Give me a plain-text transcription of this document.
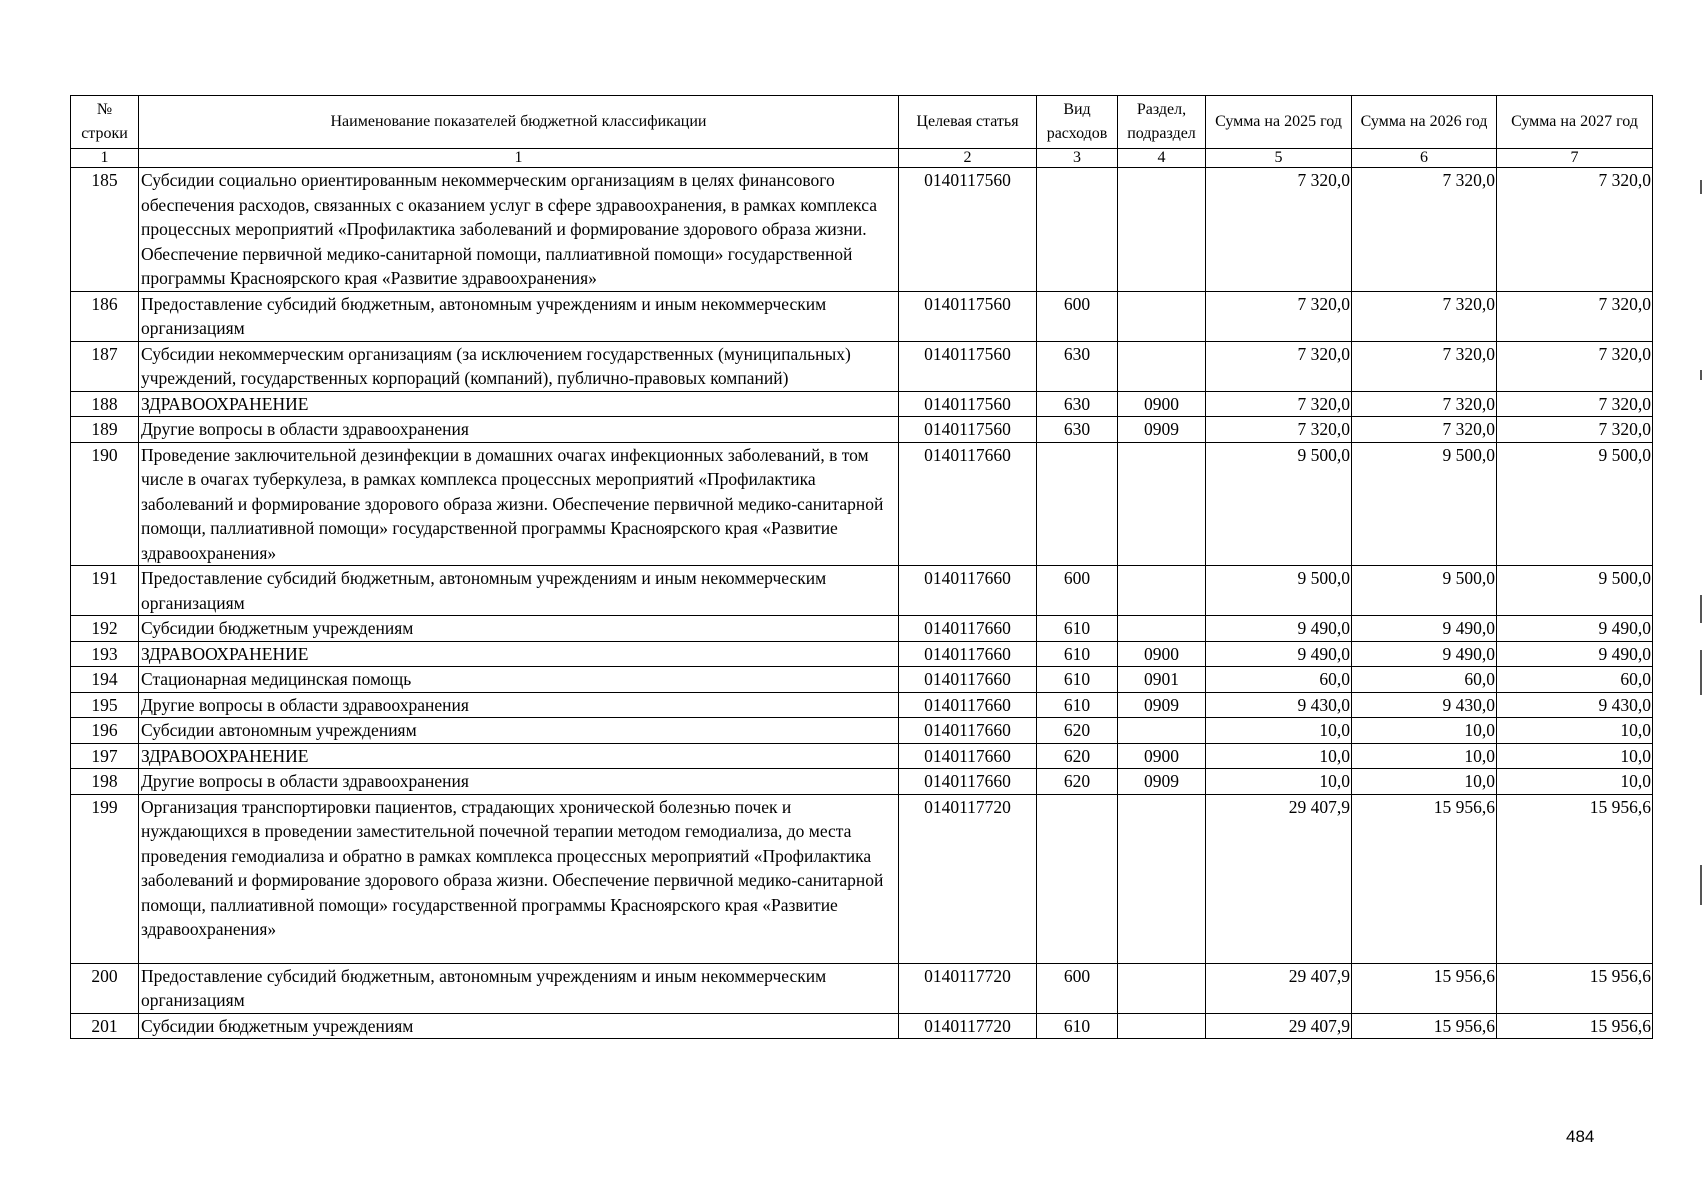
№ строки	Наименование показателей бюджетной классификации	Целевая статья	Вид расходов	Раздел, подраздел	Сумма на 2025 год	Сумма на 2026 год	Сумма на 2027 год
1	1	2	3	4	5	6	7
185	Субсидии социально ориентированным некоммерческим организациям в целях финансового обеспечения расходов, связанных с оказанием услуг в сфере здравоохранения, в рамках комплекса процессных мероприятий «Профилактика заболеваний и формирование здорового образа жизни. Обеспечение первичной медико-санитарной помощи, паллиативной помощи» государственной программы Красноярского края «Развитие здравоохранения»	0140117560			7 320,0	7 320,0	7 320,0
186	Предоставление субсидий бюджетным, автономным учреждениям и иным некоммерческим организациям	0140117560	600		7 320,0	7 320,0	7 320,0
187	Субсидии некоммерческим организациям (за исключением государственных (муниципальных) учреждений, государственных корпораций (компаний), публично-правовых компаний)	0140117560	630		7 320,0	7 320,0	7 320,0
188	ЗДРАВООХРАНЕНИЕ	0140117560	630	0900	7 320,0	7 320,0	7 320,0
189	Другие вопросы в области здравоохранения	0140117560	630	0909	7 320,0	7 320,0	7 320,0
190	Проведение заключительной дезинфекции в домашних очагах инфекционных заболеваний, в том числе в очагах туберкулеза, в рамках комплекса процессных мероприятий «Профилактика заболеваний и формирование здорового образа жизни. Обеспечение первичной медико-санитарной помощи, паллиативной помощи» государственной программы Красноярского края «Развитие здравоохранения»	0140117660			9 500,0	9 500,0	9 500,0
191	Предоставление субсидий бюджетным, автономным учреждениям и иным некоммерческим организациям	0140117660	600		9 500,0	9 500,0	9 500,0
192	Субсидии бюджетным учреждениям	0140117660	610		9 490,0	9 490,0	9 490,0
193	ЗДРАВООХРАНЕНИЕ	0140117660	610	0900	9 490,0	9 490,0	9 490,0
194	Стационарная медицинская помощь	0140117660	610	0901	60,0	60,0	60,0
195	Другие вопросы в области здравоохранения	0140117660	610	0909	9 430,0	9 430,0	9 430,0
196	Субсидии автономным учреждениям	0140117660	620		10,0	10,0	10,0
197	ЗДРАВООХРАНЕНИЕ	0140117660	620	0900	10,0	10,0	10,0
198	Другие вопросы в области здравоохранения	0140117660	620	0909	10,0	10,0	10,0
199	Организация транспортировки пациентов, страдающих хронической болезнью почек и нуждающихся в проведении заместительной почечной терапии методом гемодиализа, до места проведения гемодиализа и обратно в рамках комплекса процессных мероприятий «Профилактика заболеваний и формирование здорового образа жизни. Обеспечение первичной медико-санитарной помощи, паллиативной помощи» государственной программы Красноярского края «Развитие здравоохранения»	0140117720			29 407,9	15 956,6	15 956,6
200	Предоставление субсидий бюджетным, автономным учреждениям и иным некоммерческим организациям	0140117720	600		29 407,9	15 956,6	15 956,6
201	Субсидии бюджетным учреждениям	0140117720	610		29 407,9	15 956,6	15 956,6
484
